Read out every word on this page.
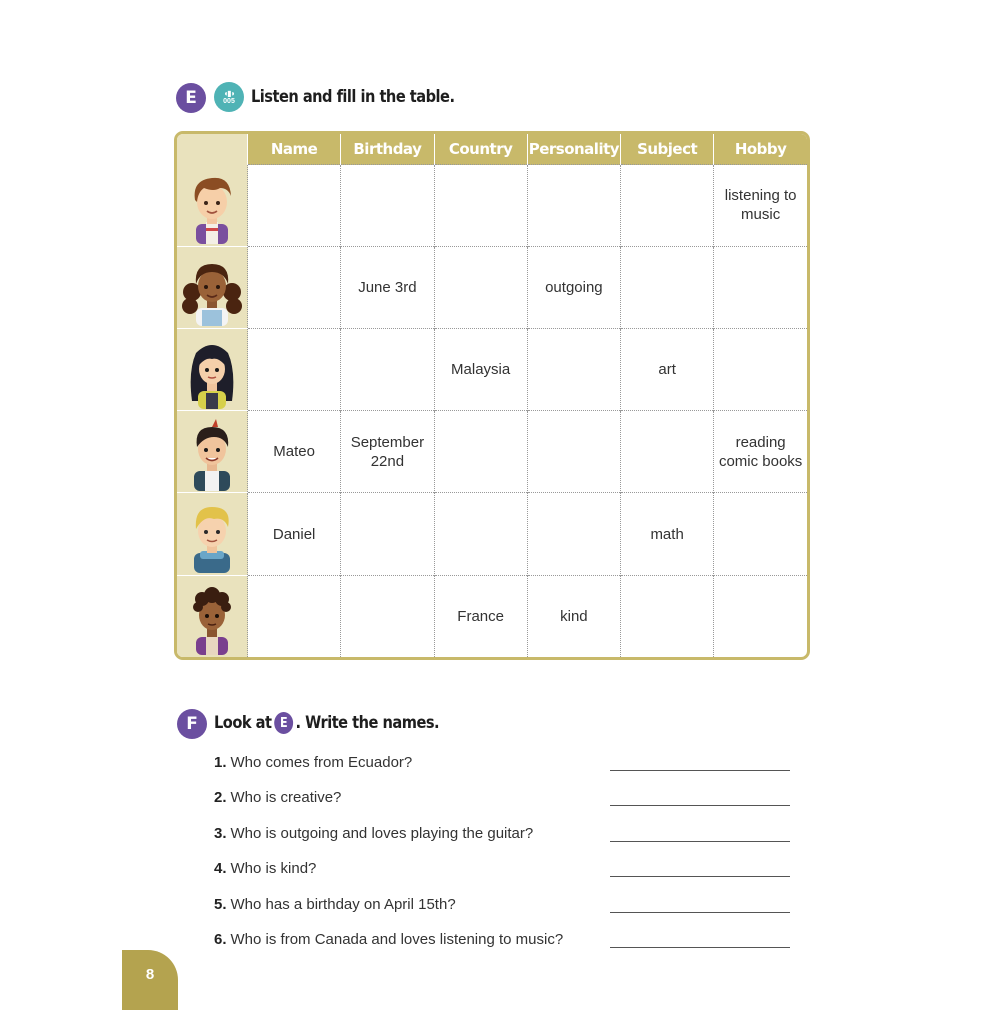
E	◖▮◗
005 Listen and fill in the table.
	Name	Birthday	Country	Personality	Subject	Hobby

						listening to music

		June 3rd		outgoing		

			Malaysia		art	

	Mateo	September 22nd				reading comic books

	Daniel				math	

			France	kind		
F Look at E . Write the names.
1. Who comes from Ecuador?
2. Who is creative?
3. Who is outgoing and loves playing the guitar?
4. Who is kind?
5. Who has a birthday on April 15th?
6. Who is from Canada and loves listening to music?
8
